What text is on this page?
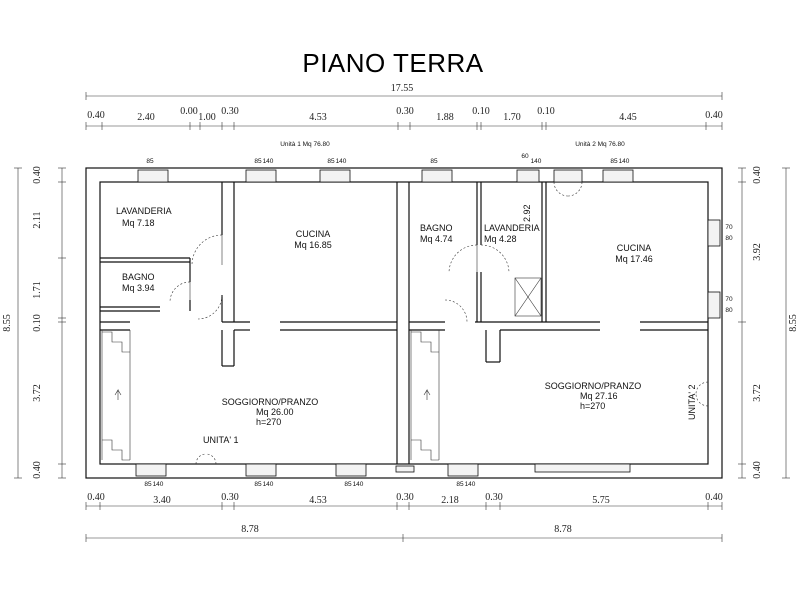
PIANO TERRA
17.55
0.40	2.40
0.00
1.00
0.30
4.53
0.30
1.88
0.10
1.70
0.10
4.45	0.40
Unità 1 Mq 76.80	Unità 2 Mq 76.80
85	85 140	85 140	85
60
140	85 140
85 140	85 140	85 140	85 140
70
80
70
80
LAVANDERIA
Mq 7.18
BAGNO
Mq 3.94
CUCINA
Mq 16.85
SOGGIORNO/PRANZO
Mq 26.00
h=270
UNITA' 1
BAGNO
Mq 4.74
LAVANDERIA
Mq 4.28
2.92
CUCINA
Mq 17.46
SOGGIORNO/PRANZO
Mq 27.16
h=270	UNITA' 2
0.40	3.40	0.30	4.53	0.30	2.18	0.30	5.75	0.40
8.78	8.78
8.55
0.40
2.11
1.71
0.10
3.72
0.40
0.40
3.92
3.72
0.40
8.55
